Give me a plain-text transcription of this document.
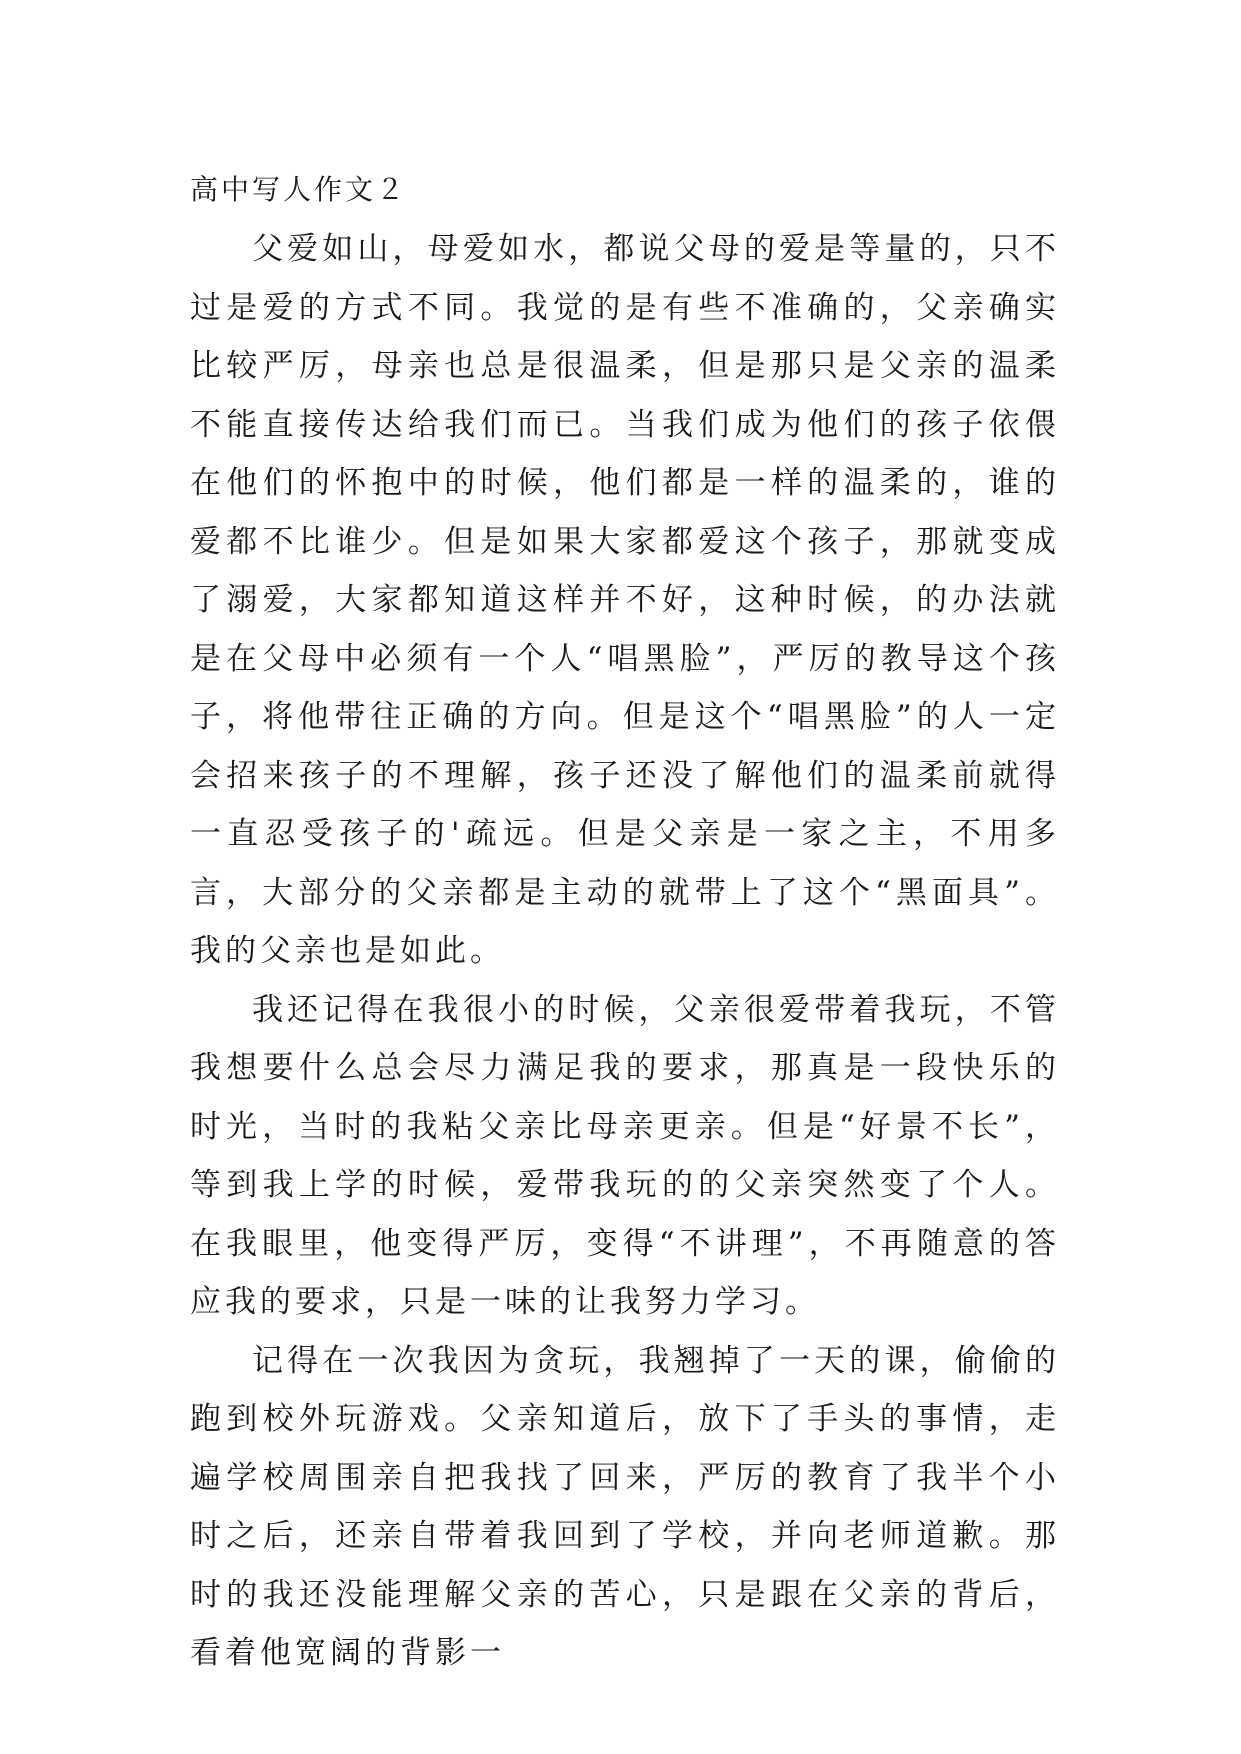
高中写人作文２

父爱如山，母爱如水，都说父母的爱是等量的，只不过是爱的方式不同。我觉的是有些不准确的，父亲确实比较严厉，母亲也总是很温柔，但是那只是父亲的温柔不能直接传达给我们而已。当我们成为他们的孩子依偎在他们的怀抱中的时候，他们都是一样的温柔的，谁的爱都不比谁少。但是如果大家都爱这个孩子，那就变成了溺爱，大家都知道这样并不好，这种时候，的办法就是在父母中必须有一个人“唱黑脸”，严厉的教导这个孩子，将他带往正确的方向。但是这个“唱黑脸”的人一定会招来孩子的不理解，孩子还没了解他们的温柔前就得一直忍受孩子的'疏远。但是父亲是一家之主，不用多言，大部分的父亲都是主动的就带上了这个“黑面具”。我的父亲也是如此。

我还记得在我很小的时候，父亲很爱带着我玩，不管我想要什么总会尽力满足我的要求，那真是一段快乐的时光，当时的我粘父亲比母亲更亲。但是“好景不长”，等到我上学的时候，爱带我玩的的父亲突然变了个人。在我眼里，他变得严厉，变得“不讲理”，不再随意的答应我的要求，只是一味的让我努力学习。

记得在一次我因为贪玩，我翘掉了一天的课，偷偷的跑到校外玩游戏。父亲知道后，放下了手头的事情，走遍学校周围亲自把我找了回来，严厉的教育了我半个小时之后，还亲自带着我回到了学校，并向老师道歉。那时的我还没能理解父亲的苦心，只是跟在父亲的背后，看着他宽阔的背影一
